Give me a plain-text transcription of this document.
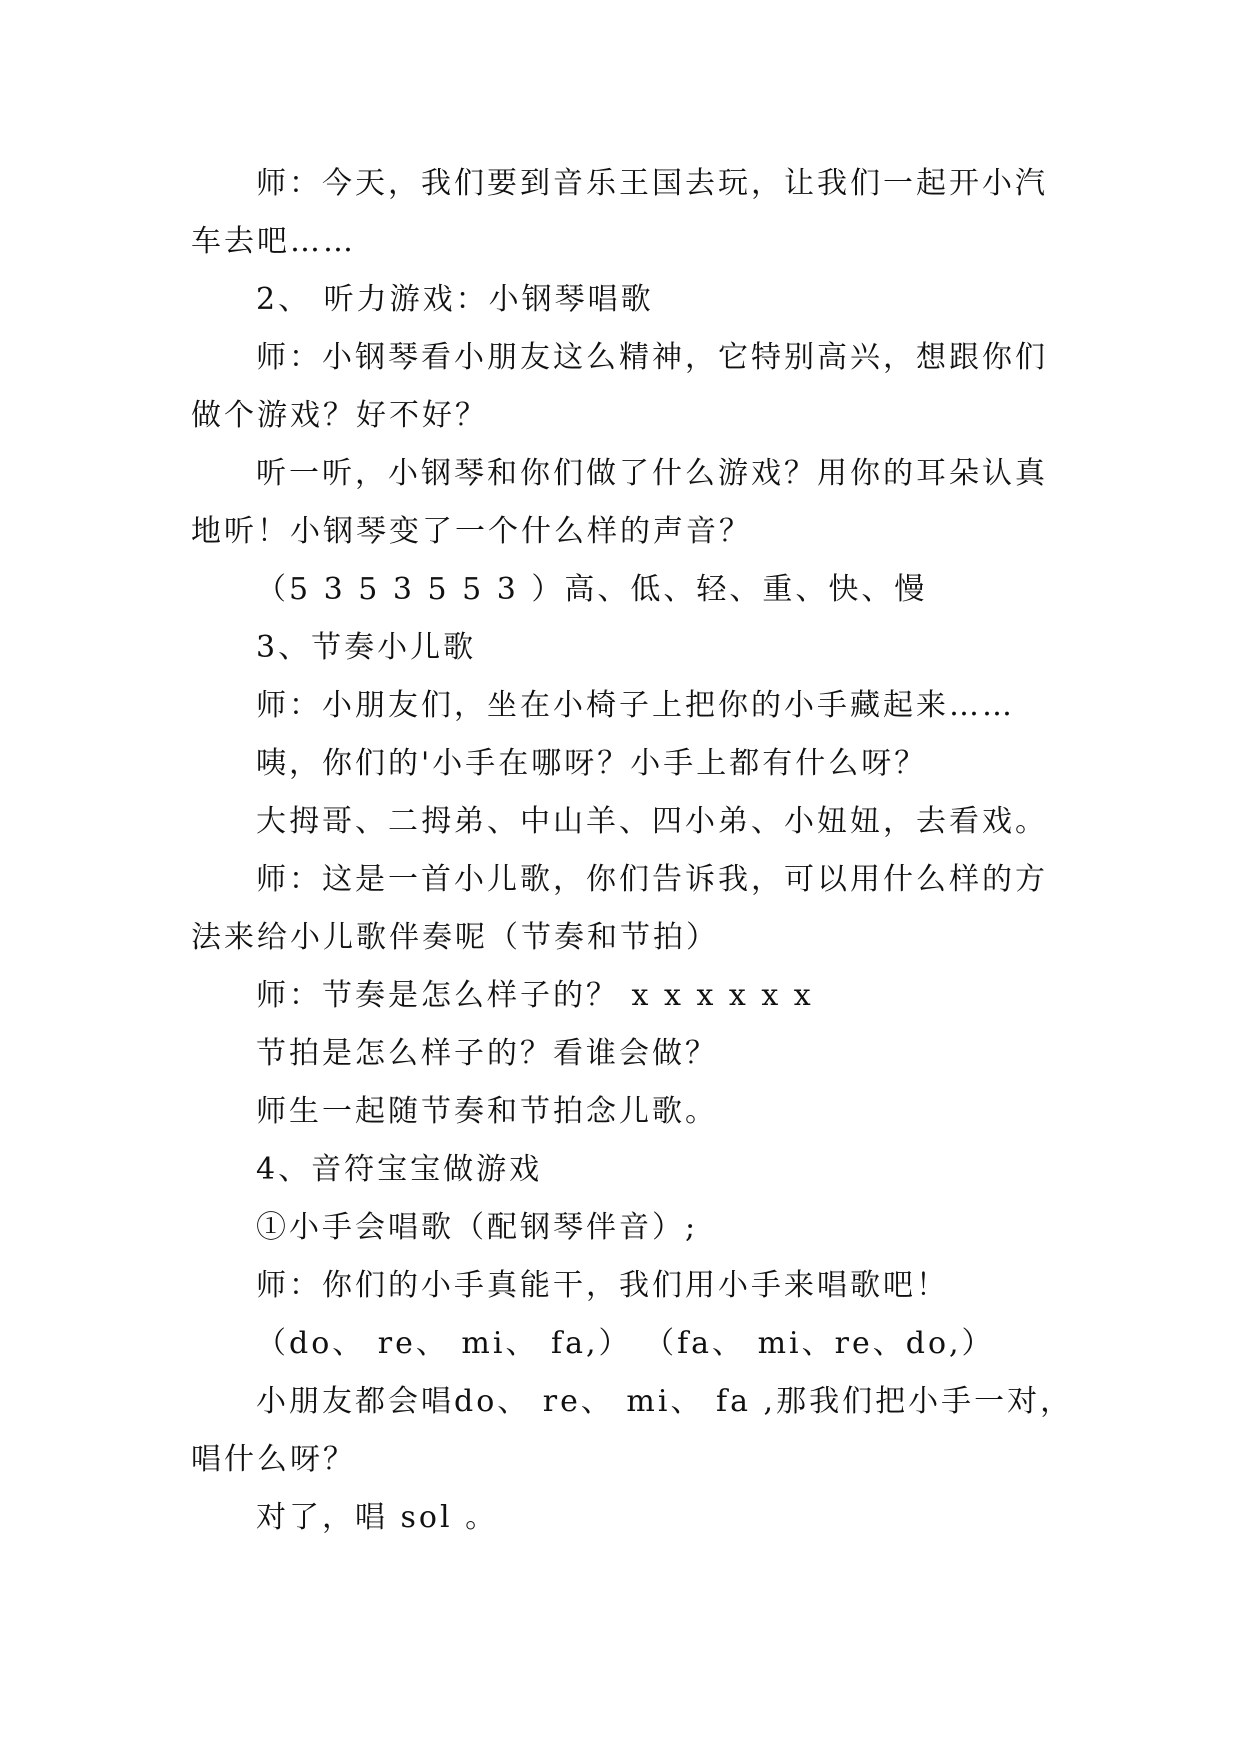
师：今天，我们要到音乐王国去玩，让我们一起开小汽
车去吧……
2、 听力游戏：小钢琴唱歌
师：小钢琴看小朋友这么精神，它特别高兴，想跟你们
做个游戏？好不好？
听一听，小钢琴和你们做了什么游戏？用你的耳朵认真
地听！小钢琴变了一个什么样的声音？
（5 3 5 3 5 5 3 ）高、低、轻、重、快、慢
3、节奏小儿歌
师：小朋友们，坐在小椅子上把你的小手藏起来……
咦，你们的'小手在哪呀？小手上都有什么呀？
大拇哥、二拇弟、中山羊、四小弟、小妞妞，去看戏。
师：这是一首小儿歌，你们告诉我，可以用什么样的方
法来给小儿歌伴奏呢（节奏和节拍）
师：节奏是怎么样子的？ x x x x x x
节拍是怎么样子的？看谁会做？
师生一起随节奏和节拍念儿歌。
4、音符宝宝做游戏
①小手会唱歌（配钢琴伴音）;
师：你们的小手真能干，我们用小手来唱歌吧！
（do、 re、 mi、 fa,） （fa、 mi、re、do,）
小朋友都会唱do、 re、 mi、 fa ,那我们把小手一对，
唱什么呀？
对了，唱 sol 。
